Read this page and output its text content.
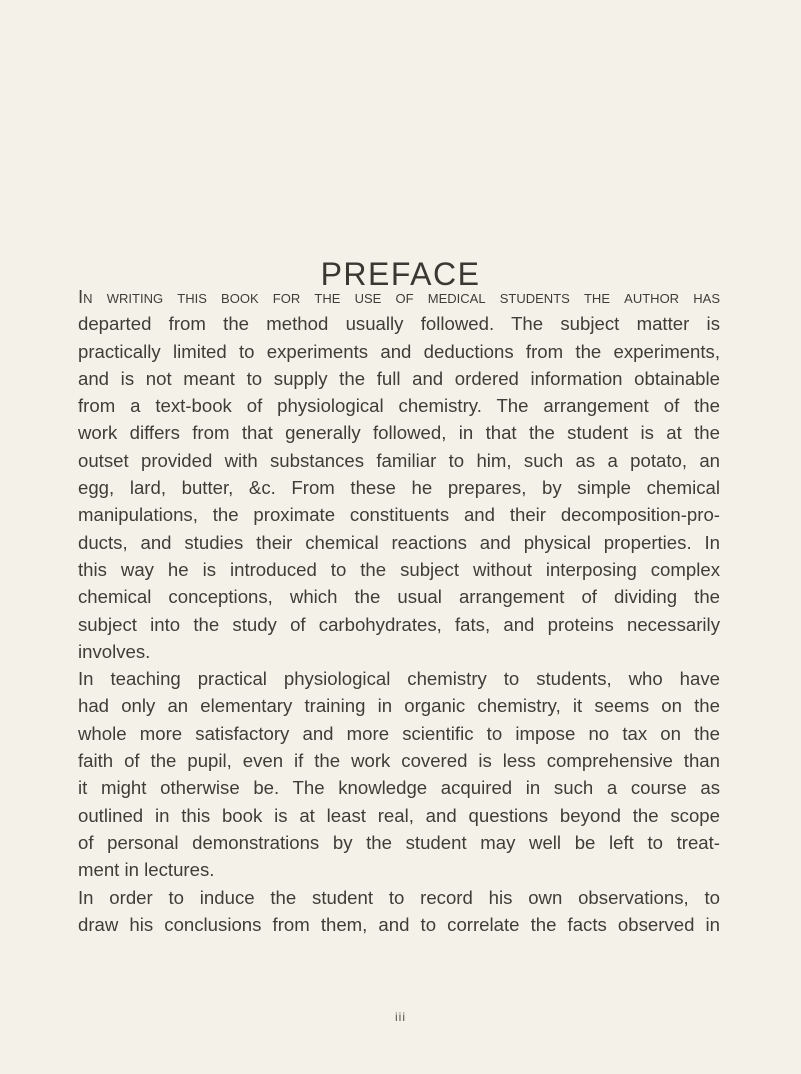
PREFACE
In writing this book for the use of medical students the author has
departed from the method usually followed. The subject matter is
practically limited to experiments and deductions from the experiments,
and is not meant to supply the full and ordered information obtainable
from a text-book of physiological chemistry. The arrangement of the
work differs from that generally followed, in that the student is at the
outset provided with substances familiar to him, such as a potato, an
egg, lard, butter, &c. From these he prepares, by simple chemical
manipulations, the proximate constituents and their decomposition-pro-
ducts, and studies their chemical reactions and physical properties. In
this way he is introduced to the subject without interposing complex
chemical conceptions, which the usual arrangement of dividing the
subject into the study of carbohydrates, fats, and proteins necessarily
involves.
In teaching practical physiological chemistry to students, who have
had only an elementary training in organic chemistry, it seems on the
whole more satisfactory and more scientific to impose no tax on the
faith of the pupil, even if the work covered is less comprehensive than
it might otherwise be. The knowledge acquired in such a course as
outlined in this book is at least real, and questions beyond the scope
of personal demonstrations by the student may well be left to treat-
ment in lectures.
In order to induce the student to record his own observations, to
draw his conclusions from them, and to correlate the facts observed in
iii
